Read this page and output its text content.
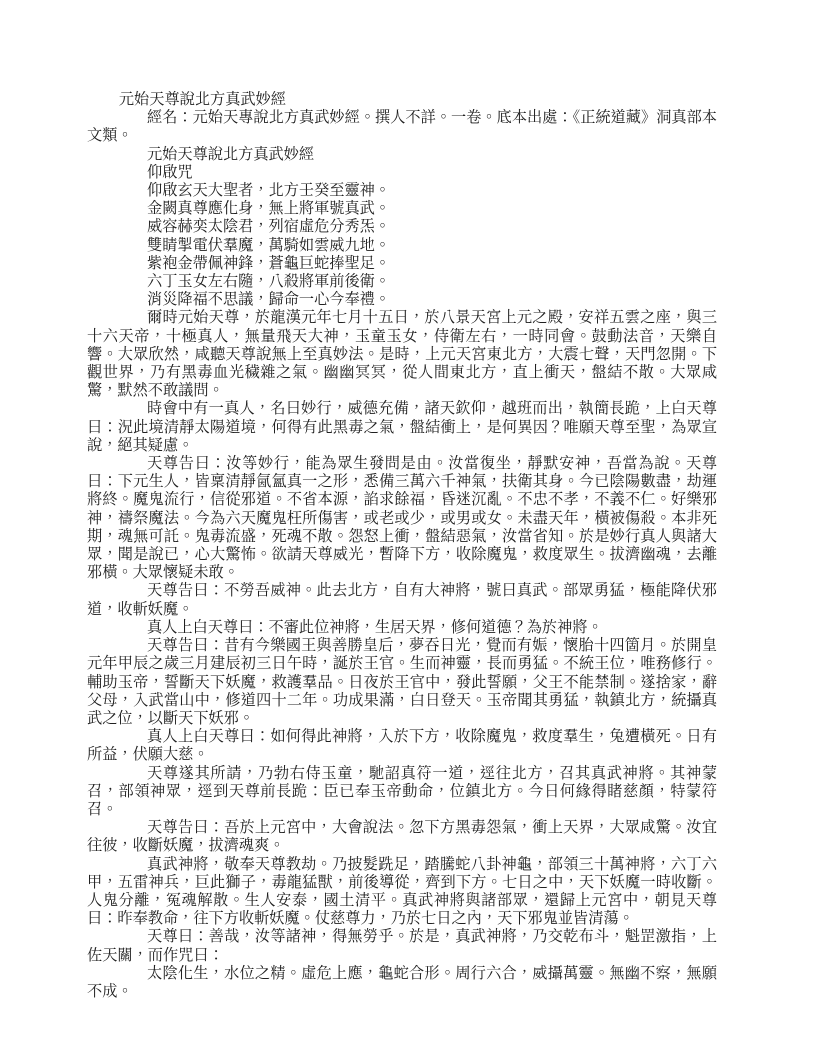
元始天尊說北方真武妙經

經名：元始天專說北方真武妙經。撰人不詳。一卷。底本出處：《正統道藏》洞真部本文類。

元始天尊說北方真武妙經

仰啟咒

仰啟玄天大聖者，北方壬癸至靈神。

金闕真尊應化身，無上將軍號真武。

威容赫奕太陰君，列宿虛危分秀炁。

雙睛掣電伏羣魔，萬騎如雲威九地。

紫袍金帶佩神鋒，蒼龜巨蛇捧聖足。

六丁玉女左右隨，八殺將軍前後衛。

消災降福不思議，歸命一心今奉禮。

爾時元始天尊，於龍漢元年七月十五日，於八景天宮上元之殿，安祥五雲之座，與三十六天帝，十極真人，無量飛天大神，玉童玉女，侍衛左右，一時同會。鼓動法音，天樂自響。大眾欣然，咸聽天尊說無上至真妙法。是時，上元天宮東北方，大震七聲，天門忽開。下觀世界，乃有黑毒血光穢雜之氣。幽幽冥冥，從人間東北方，直上衝天，盤結不散。大眾咸驚，默然不敢議問。

時會中有一真人，名曰妙行，威德充備，諸天欽仰，越班而出，執簡長跪，上白天尊曰：況此境清靜太陽道境，何得有此黑毒之氣，盤結衝上，是何異因？唯願天尊至聖，為眾宣說，絕其疑慮。

天尊告曰：汝等妙行，能為眾生發問是由。汝當復坐，靜默安神，吾當為說。天尊曰：下元生人，皆稟清靜氤氳真一之形，悉備三萬六千神氣，扶衛其身。今已陰陽數盡，劫運將終。魔鬼流行，信從邪道。不省本源，諂求餘福，昏迷沉亂。不忠不孝，不義不仁。好樂邪神，禱祭魔法。今為六天魔鬼枉所傷害，或老或少，或男或女。未盡天年，橫被傷殺。本非死期，魂無可託。鬼毒流盛，死魂不散。怨怒上衝，盤結惡氣，汝當省知。於是妙行真人與諸大眾，聞是說已，心大驚怖。欲請天尊威光，暫降下方，收除魔鬼，救度眾生。拔濟幽魂，去離邪橫。大眾懷疑未敢。

天尊告曰：不勞吾威神。此去北方，自有大神將，號曰真武。部眾勇猛，極能降伏邪道，收斬妖魔。

真人上白天尊曰：不審此位神將，生居天界，修何道德？為於神將。

天尊告曰：昔有今樂國王與善勝皇后，夢吞日光，覺而有娠，懷胎十四箇月。於開皇元年甲辰之歲三月建辰初三日午時，誕於王官。生而神靈，長而勇猛。不統王位，唯務修行。輔助玉帝，誓斷天下妖魔，救護羣品。日夜於王官中，發此誓願，父王不能禁制。遂捨家，辭父母，入武當山中，修道四十二年。功成果滿，白日登天。玉帝聞其勇猛，執鎮北方，統攝真武之位，以斷天下妖邪。

真人上白天尊曰：如何得此神將，入於下方，收除魔鬼，救度羣生，兔遭橫死。日有所益，伏願大慈。

天尊遂其所請，乃勃右侍玉童，馳詔真符一道，逕往北方，召其真武神將。其神蒙召，部領神眾，逕到天尊前長跪：臣已奉玉帝動命，位鎮北方。今日何緣得睹慈顏，特蒙符召。

天尊告曰：吾於上元宮中，大會說法。忽下方黑毒怨氣，衝上天界，大眾咸驚。汝宜往彼，收斷妖魔，拔濟魂爽。

真武神將，敬奉天尊教劫。乃披髮跣足，踏騰蛇八卦神龜，部領三十萬神將，六丁六甲，五雷神兵，巨此獅子，毒龍猛獸，前後導從，齊到下方。七日之中，天下妖魔一時收斷。人鬼分離，冤魂解散。生人安泰，國土清平。真武神將與諸部眾，還歸上元宮中，朝見天尊曰：昨奉教命，往下方收斬妖魔。仗慈尊力，乃於七日之內，天下邪鬼並皆清蕩。

天尊曰：善哉，汝等諸神，得無勞乎。於是，真武神將，乃交乾布斗，魁罡激指，上佐天關，而作咒曰：

太陰化生，水位之精。虛危上應，龜蛇合形。周行六合，威攝萬靈。無幽不察，無願不成。
